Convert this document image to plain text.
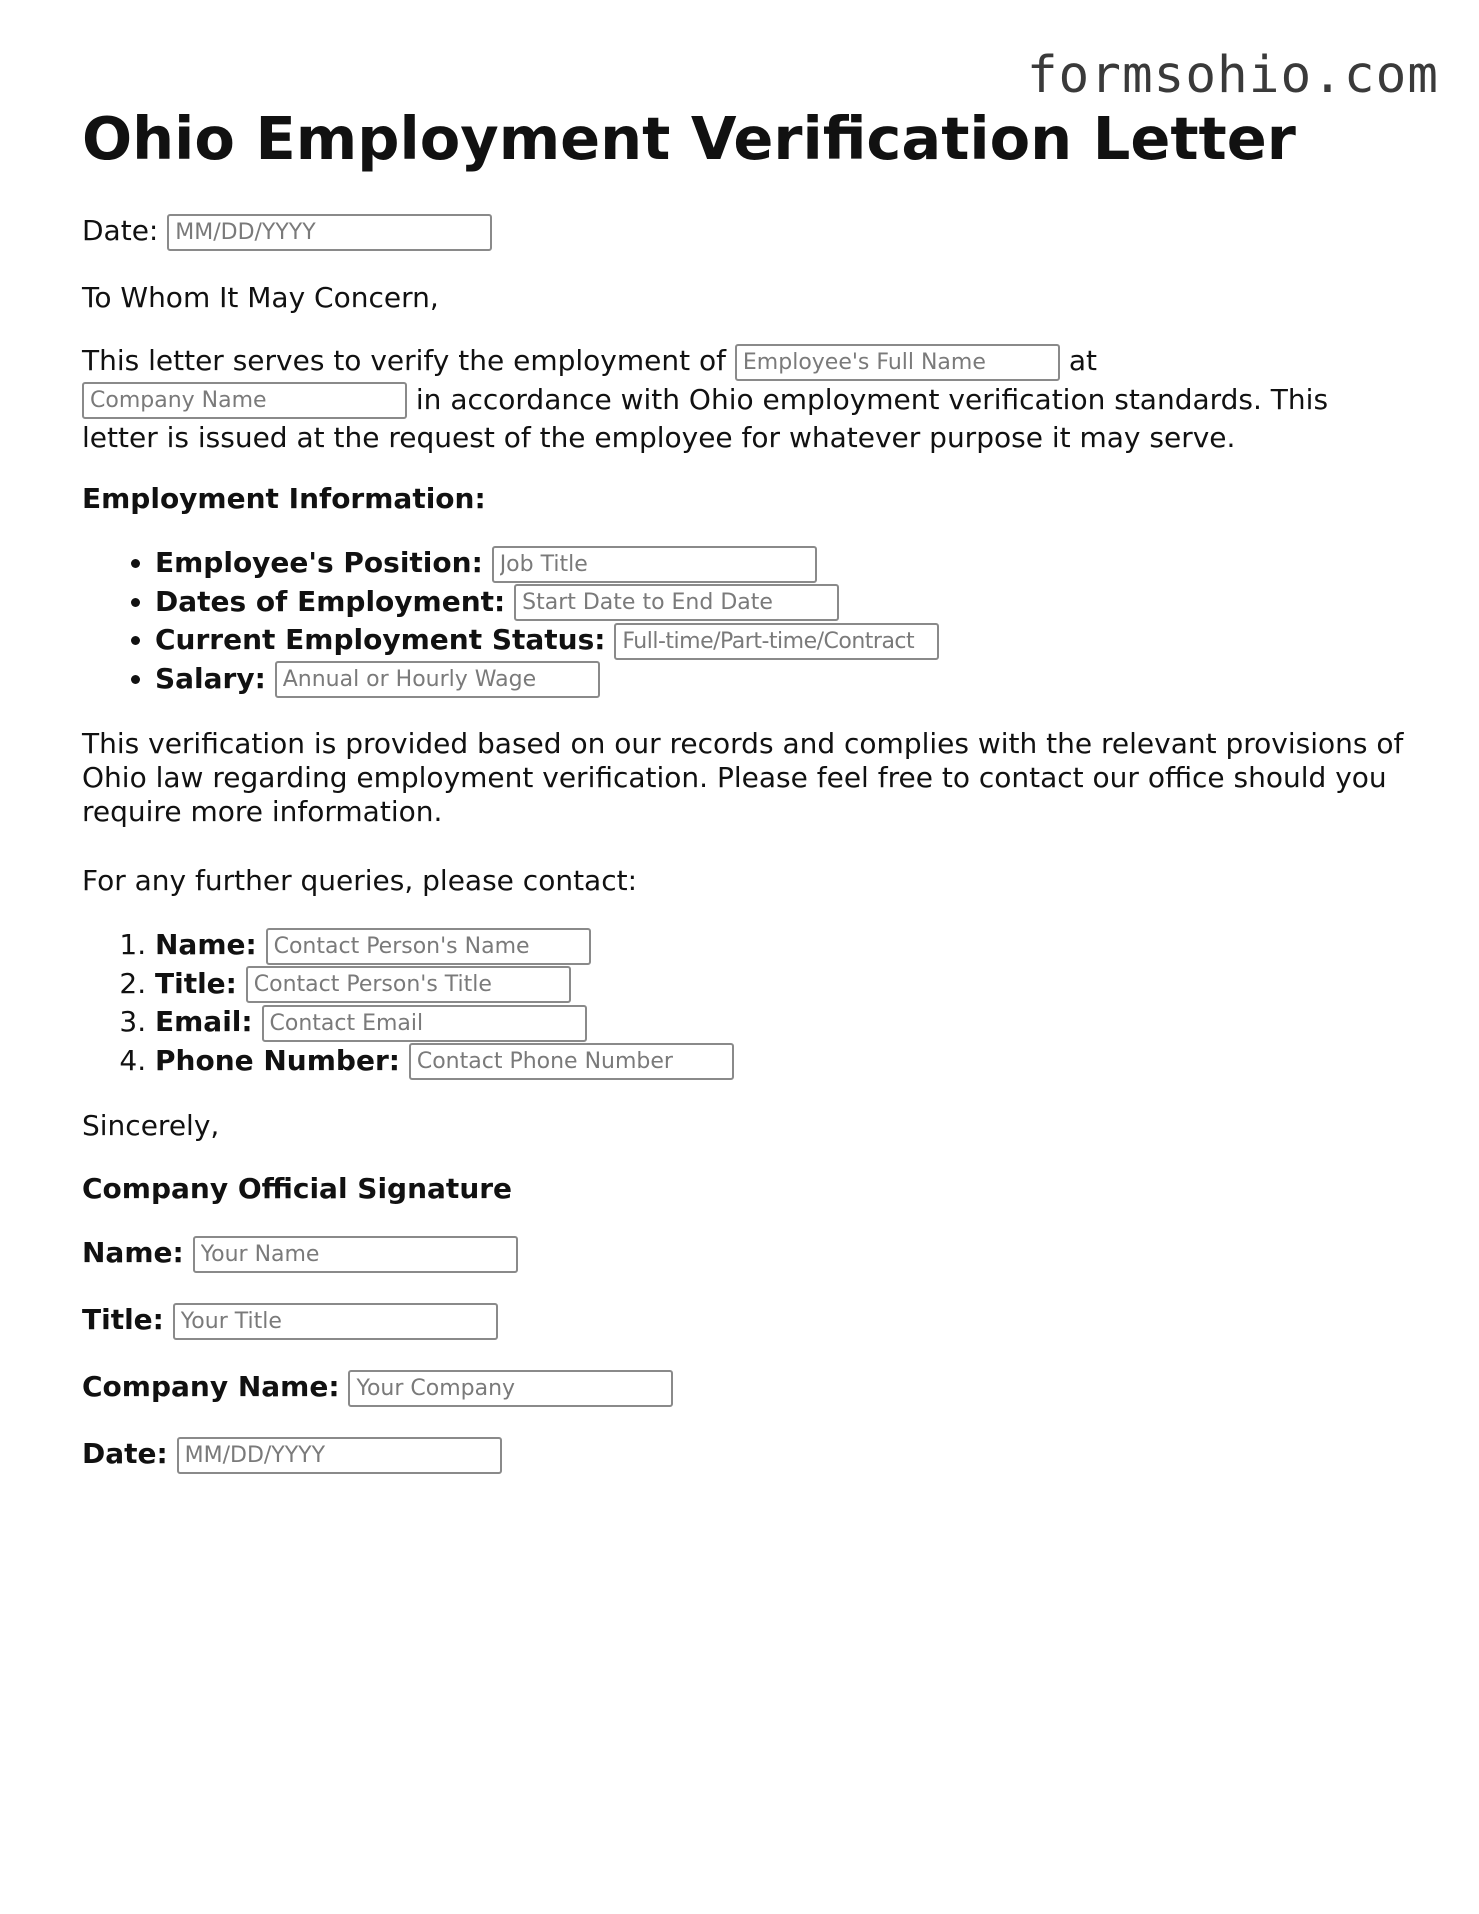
formsohio.com
Ohio Employment Verification Letter
Date: MM/DD/YYYY
To Whom It May Concern,
This letter serves to verify the employment of Employee's Full Name	at
Company Name in accordance with Ohio employment verification standards. This letter is issued at the request of the employee for whatever purpose it may serve.
Employment Information:
• Employee's Position: Job Title
• Dates of Employment: Start Date to End Date
• Current Employment Status: Full-time/Part-time/Contract
• Salary: Annual or Hourly Wage
This verification is provided based on our records and complies with the relevant provisions of Ohio law regarding employment verification. Please feel free to contact our office should you require more information.
For any further queries, please contact:
1. Name: Contact Person's Name
2. Title: Contact Person's Title
3. Email: Contact Email
4. Phone Number: Contact Phone Number
Sincerely,
Company Official Signature
Name: Your Name
Title: Your Title
Company Name: Your Company
Date: MM/DD/YYYY
